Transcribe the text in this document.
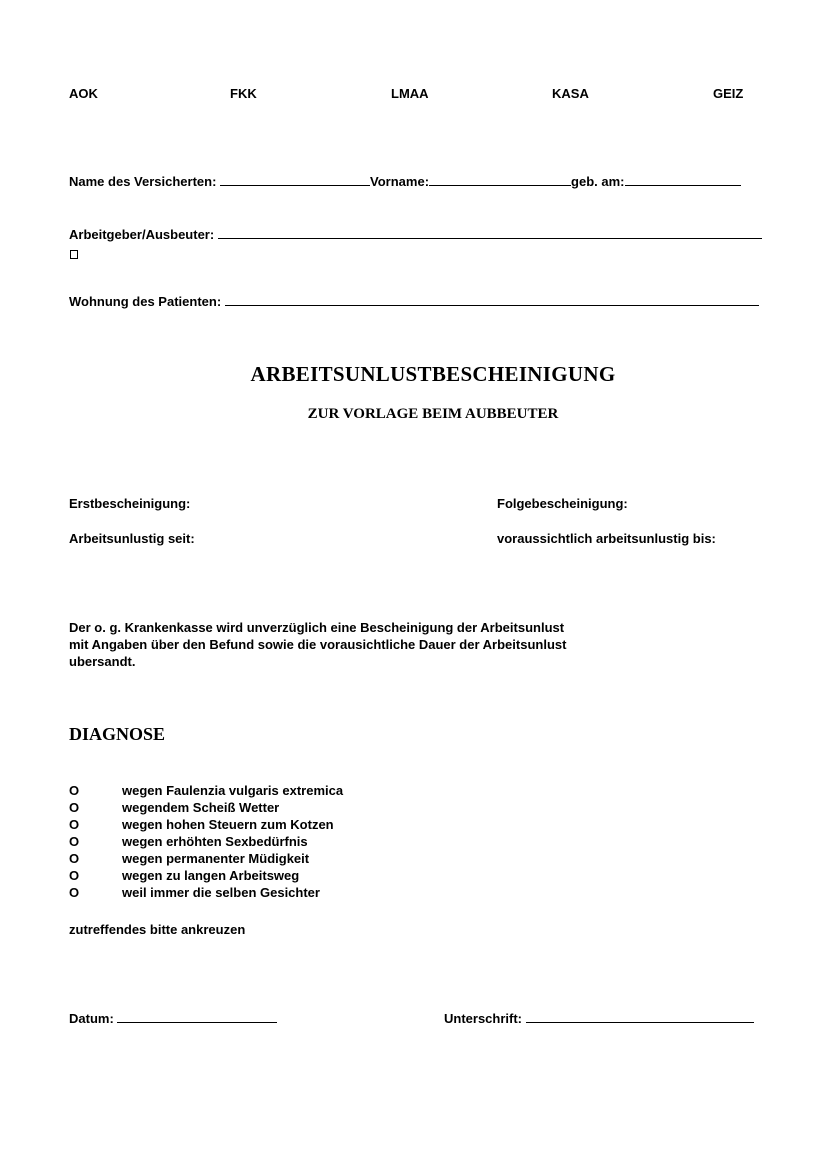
AOK	FKK	LMAA	KASA	GEIZ
Name des Versicherten:	Vorname:	geb. am:
Arbeitgeber/Ausbeuter:
Wohnung des Patienten:
ARBEITSUNLUSTBESCHEINIGUNG
ZUR VORLAGE BEIM AUBBEUTER
Erstbescheinigung:	Folgebescheinigung:
Arbeitsunlustig seit:	voraussichtlich arbeitsunlustig bis:
Der o. g. Krankenkasse wird unverzüglich eine Bescheinigung der Arbeitsunlust
mit Angaben über den Befund sowie die vorausichtliche Dauer der Arbeitsunlust
ubersandt.
DIAGNOSE
O	wegen Faulenzia vulgaris extremica
O	wegendem Scheiß Wetter
O	wegen hohen Steuern zum Kotzen
O	wegen erhöhten Sexbedürfnis
O	wegen permanenter Müdigkeit
O	wegen zu langen Arbeitsweg
O	weil immer die selben Gesichter
zutreffendes bitte ankreuzen
Datum:	Unterschrift:
